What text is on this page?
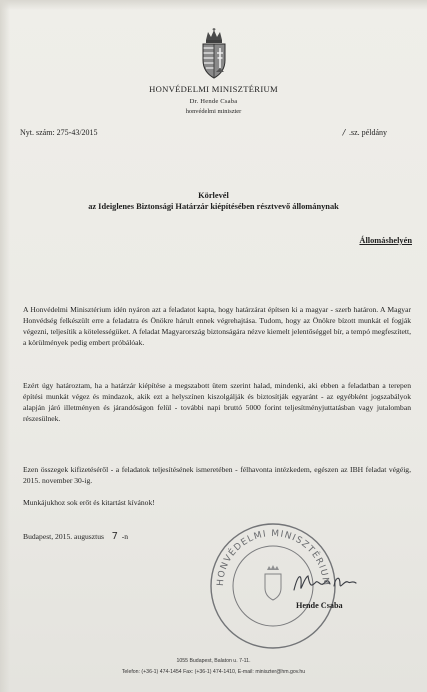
HONVÉDELMI MINISZTÉRIUM
Dr. Hende Csaba
honvédelmi miniszter
Nyt. szám: 275-43/2015	/ .sz. példány
Körlevél
az Ideiglenes Biztonsági Határzár kiépítésében résztvevő állománynak
Állomáshelyén

A Honvédelmi Minisztérium idén nyáron azt a feladatot kapta, hogy határzárat építsen ki a magyar - szerb határon. A Magyar Honvédség felkészült erre a feladatra és Önökre hárult ennek végrehajtása. Tudom, hogy az Önökre bízott munkát el fogják végezni, teljesítik a kötelességüket. A feladat Magyarország biztonságára nézve kiemelt jelentőséggel bír, a tempó megfeszített, a körülmények pedig embert próbálóak.

Ezért úgy határoztam, ha a határzár kiépítése a megszabott ütem szerint halad, mindenki, aki ebben a feladatban a terepen építési munkát végez és mindazok, akik ezt a helyszínen kiszolgálják és biztosítják egyaránt - az egyébként jogszabályok alapján járó illetményen és járandóságon felül - további napi bruttó 5000 forint teljesítményjuttatásban vagy jutalomban részesülnek.

Ezen összegek kifizetéséről - a feladatok teljesítésének ismeretében - félhavonta intézkedem, egészen az IBH feladat végéig, 2015. november 30-ig.

Munkájukhoz sok erőt és kitartást kívánok!

Budapest, 2015. augusztus 7 -n
HONVÉDELMI MINISZTÉRIUM
Hende Csaba
1055 Budapest, Balaton u. 7-11.
Telefon: (+36-1) 474-1454 Fax: (+36-1) 474-1410, E-mail: miniszter@hm.gov.hu
